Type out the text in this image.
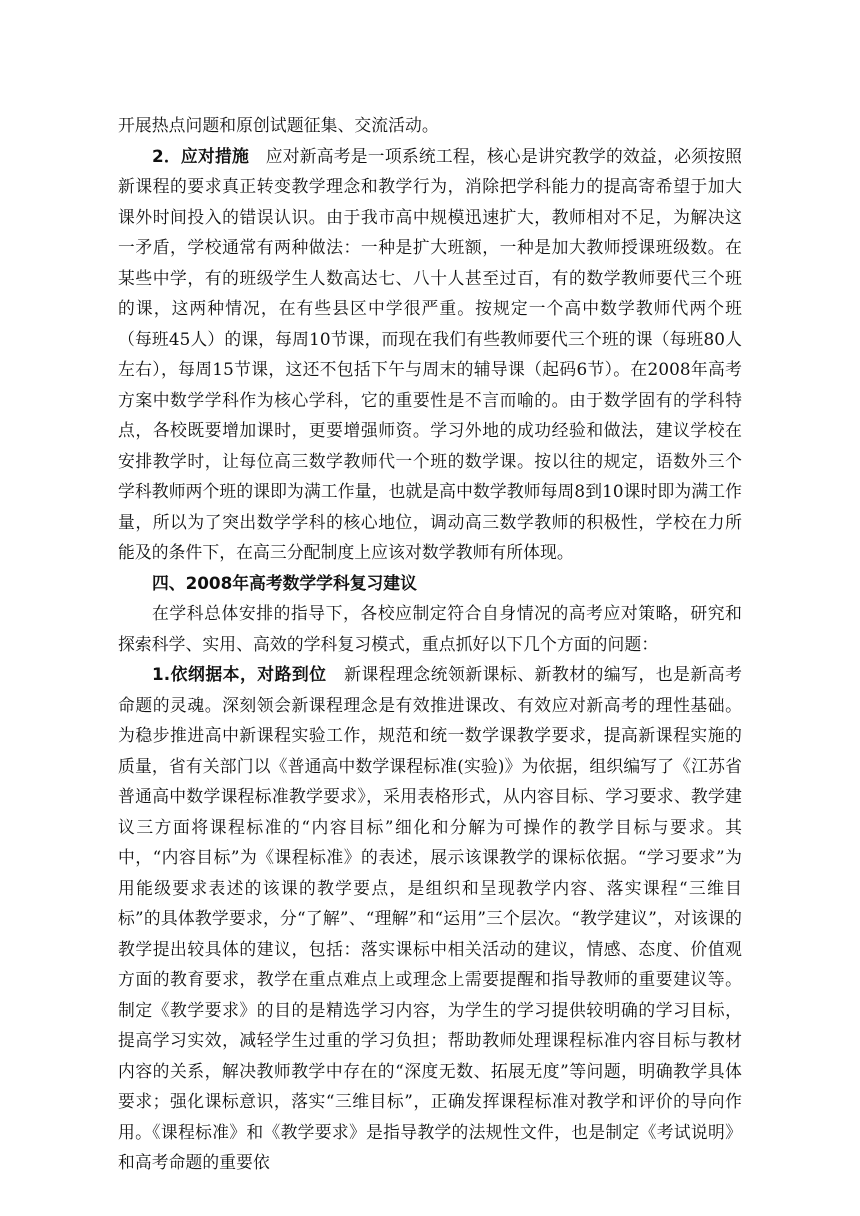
开展热点问题和原创试题征集、交流活动。

2．应对措施 应对新高考是一项系统工程，核心是讲究教学的效益，必须按照新课程的要求真正转变教学理念和教学行为，消除把学科能力的提高寄希望于加大课外时间投入的错误认识。由于我市高中规模迅速扩大，教师相对不足，为解决这一矛盾，学校通常有两种做法：一种是扩大班额，一种是加大教师授课班级数。在某些中学，有的班级学生人数高达七、八十人甚至过百，有的数学教师要代三个班的课，这两种情况，在有些县区中学很严重。按规定一个高中数学教师代两个班（每班45人）的课，每周10节课，而现在我们有些教师要代三个班的课（每班80人左右），每周15节课，这还不包括下午与周末的辅导课（起码6节）。在2008年高考方案中数学学科作为核心学科，它的重要性是不言而喻的。由于数学固有的学科特点，各校既要增加课时，更要增强师资。学习外地的成功经验和做法，建议学校在安排教学时，让每位高三数学教师代一个班的数学课。按以往的规定，语数外三个学科教师两个班的课即为满工作量，也就是高中数学教师每周8到10课时即为满工作量，所以为了突出数学学科的核心地位，调动高三数学教师的积极性，学校在力所能及的条件下，在高三分配制度上应该对数学教师有所体现。

四、2008年高考数学学科复习建议

在学科总体安排的指导下，各校应制定符合自身情况的高考应对策略，研究和探索科学、实用、高效的学科复习模式，重点抓好以下几个方面的问题：

1.依纲据本，对路到位 新课程理念统领新课标、新教材的编写，也是新高考命题的灵魂。深刻领会新课程理念是有效推进课改、有效应对新高考的理性基础。为稳步推进高中新课程实验工作，规范和统一数学课教学要求，提高新课程实施的质量，省有关部门以《普通高中数学课程标准(实验)》为依据，组织编写了《江苏省普通高中数学课程标准教学要求》，采用表格形式，从内容目标、学习要求、教学建议三方面将课程标准的“内容目标”细化和分解为可操作的教学目标与要求。其中，“内容目标”为《课程标准》的表述，展示该课教学的课标依据。“学习要求”为用能级要求表述的该课的教学要点，是组织和呈现教学内容、落实课程“三维目标”的具体教学要求，分“了解”、“理解”和“运用”三个层次。“教学建议”，对该课的教学提出较具体的建议，包括：落实课标中相关活动的建议，情感、态度、价值观方面的教育要求，教学在重点难点上或理念上需要提醒和指导教师的重要建议等。制定《教学要求》的目的是精选学习内容，为学生的学习提供较明确的学习目标，提高学习实效，减轻学生过重的学习负担；帮助教师处理课程标准内容目标与教材内容的关系，解决教师教学中存在的“深度无数、拓展无度”等问题，明确教学具体要求；强化课标意识，落实“三维目标”，正确发挥课程标准对教学和评价的导向作用。《课程标准》和《教学要求》是指导教学的法规性文件，也是制定《考试说明》和高考命题的重要依
